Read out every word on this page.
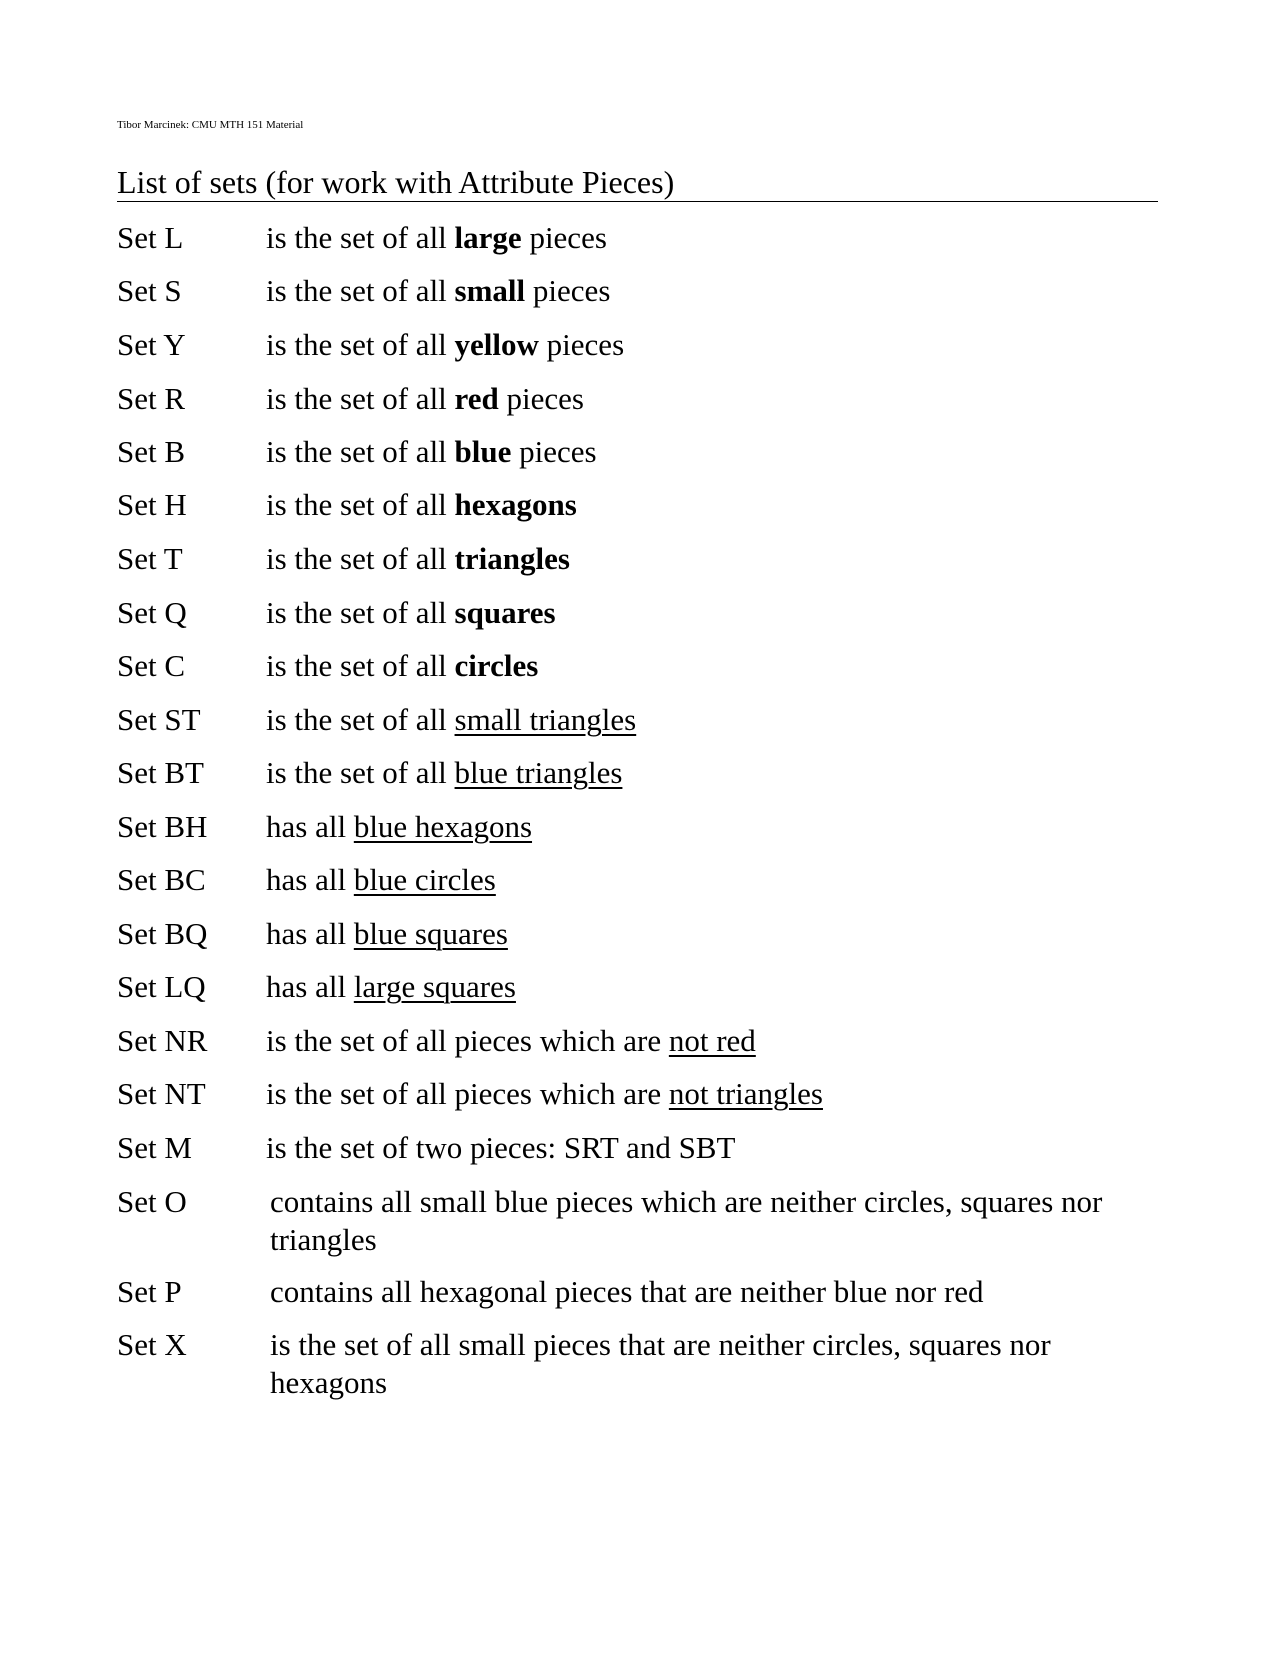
Tibor Marcinek: CMU MTH 151 Material
List of sets (for work with Attribute Pieces)
Set L	is the set of all large pieces
Set S	is the set of all small pieces
Set Y	is the set of all yellow pieces
Set R	is the set of all red pieces
Set B	is the set of all blue pieces
Set H	is the set of all hexagons
Set T	is the set of all triangles
Set Q	is the set of all squares
Set C	is the set of all circles
Set ST is the set of all small triangles
Set BT is the set of all blue triangles
Set BH has all blue hexagons
Set BC has all blue circles
Set BQ has all blue squares
Set LQ has all large squares
Set NR is the set of all pieces which are not red
Set NT is the set of all pieces which are not triangles
Set M is the set of two pieces: SRT and SBT
Set O	contains all small blue pieces which are neither circles, squares nor triangles
Set P	contains all hexagonal pieces that are neither blue nor red
Set X	is the set of all small pieces that are neither circles, squares nor hexagons
